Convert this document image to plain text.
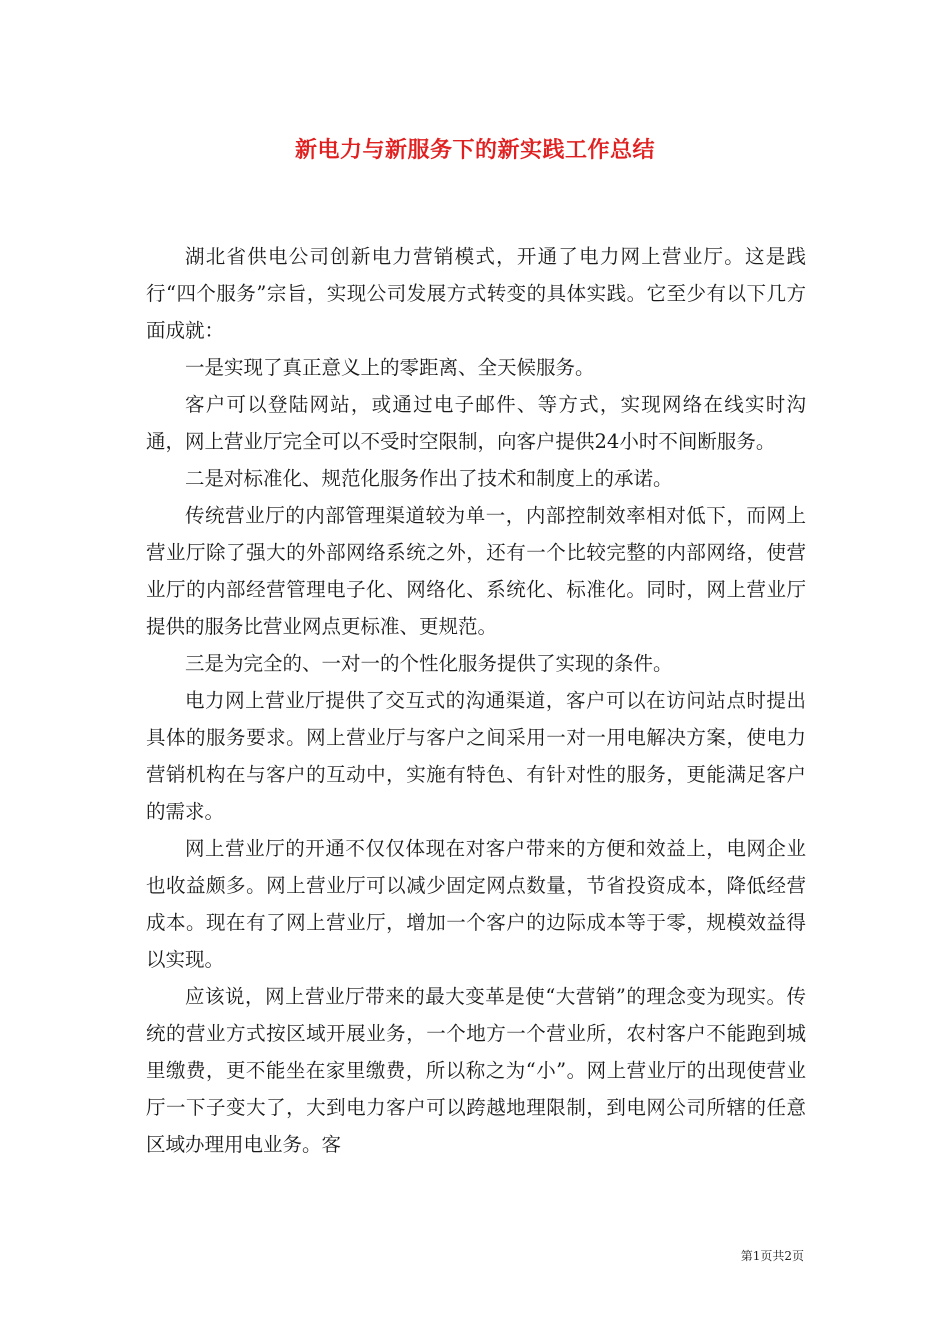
新电力与新服务下的新实践工作总结

湖北省供电公司创新电力营销模式，开通了电力网上营业厅。这是践行“四个服务”宗旨，实现公司发展方式转变的具体实践。它至少有以下几方面成就：

一是实现了真正意义上的零距离、全天候服务。

客户可以登陆网站，或通过电子邮件、等方式，实现网络在线实时沟通，网上营业厅完全可以不受时空限制，向客户提供24小时不间断服务。

二是对标准化、规范化服务作出了技术和制度上的承诺。

传统营业厅的内部管理渠道较为单一，内部控制效率相对低下，而网上营业厅除了强大的外部网络系统之外，还有一个比较完整的内部网络，使营业厅的内部经营管理电子化、网络化、系统化、标准化。同时，网上营业厅提供的服务比营业网点更标准、更规范。

三是为完全的、一对一的个性化服务提供了实现的条件。

电力网上营业厅提供了交互式的沟通渠道，客户可以在访问站点时提出具体的服务要求。网上营业厅与客户之间采用一对一用电解决方案，使电力营销机构在与客户的互动中，实施有特色、有针对性的服务，更能满足客户的需求。

网上营业厅的开通不仅仅体现在对客户带来的方便和效益上，电网企业也收益颇多。网上营业厅可以减少固定网点数量，节省投资成本，降低经营成本。现在有了网上营业厅，增加一个客户的边际成本等于零，规模效益得以实现。

应该说，网上营业厅带来的最大变革是使“大营销”的理念变为现实。传统的营业方式按区域开展业务，一个地方一个营业所，农村客户不能跑到城里缴费，更不能坐在家里缴费，所以称之为“小”。网上营业厅的出现使营业厅一下子变大了，大到电力客户可以跨越地理限制，到电网公司所辖的任意区域办理用电业务。客

第1页共2页
